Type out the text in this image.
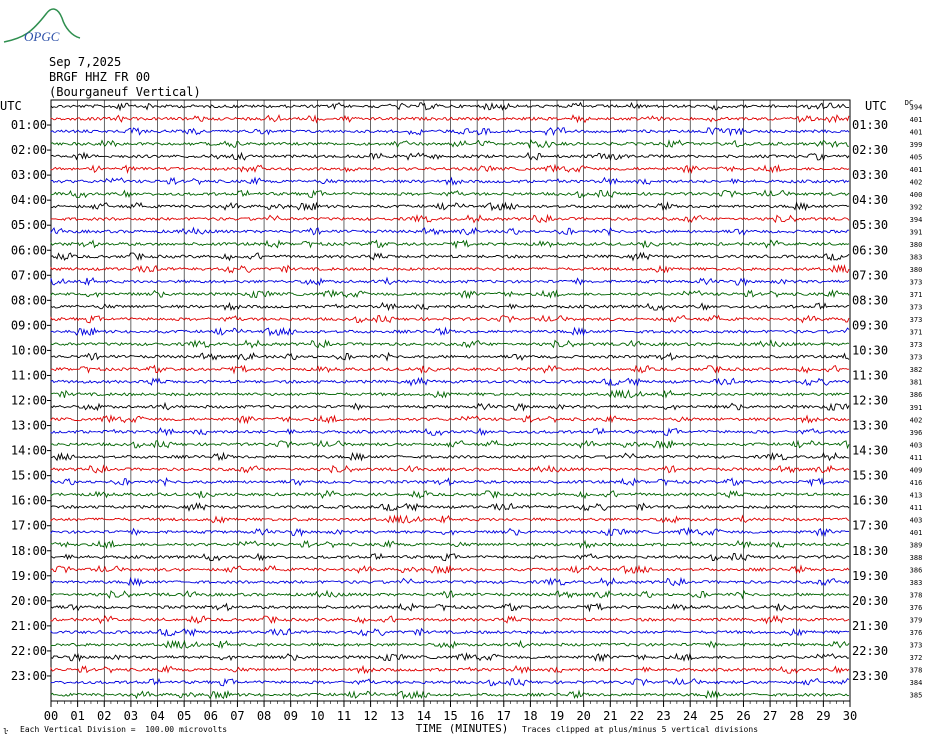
OPGC
Sep 7,2025
BRGF HHZ FR 00
(Bourganeuf Vertical)
394
401
401
399
405
401
402
400
392
394
391
380
383
380
373
371
373
373
371
373
373
382
381
386
391
402
396
403
411
409
416
413
411
403
401
389
388
386
383
378
376
379
376
373
372
378
384
385
01:00
02:00
03:00
04:00
05:00
06:00
07:00
08:00
09:00
10:00
11:00
12:00
13:00
14:00
15:00
16:00
17:00
18:00
19:00
20:00
21:00
22:00
23:00
01:30
02:30
03:30
04:30
05:30
06:30
07:30
08:30
09:30
10:30
11:30
12:30
13:30
14:30
15:30
16:30
17:30
18:30
19:30
20:30
21:30
22:30
23:30
UTC	UTC	DC
00 01 02 03 04 05 06 07 08 09 10 11 12 13 14 15 16 17 18 19 20 21 22 23 24 25 26 27 28 29 30
TIME (MINUTES)
Each Vertical Division =  100.00 microvolts	Traces clipped at plus/minus 5 vertical divisions
ŀ
